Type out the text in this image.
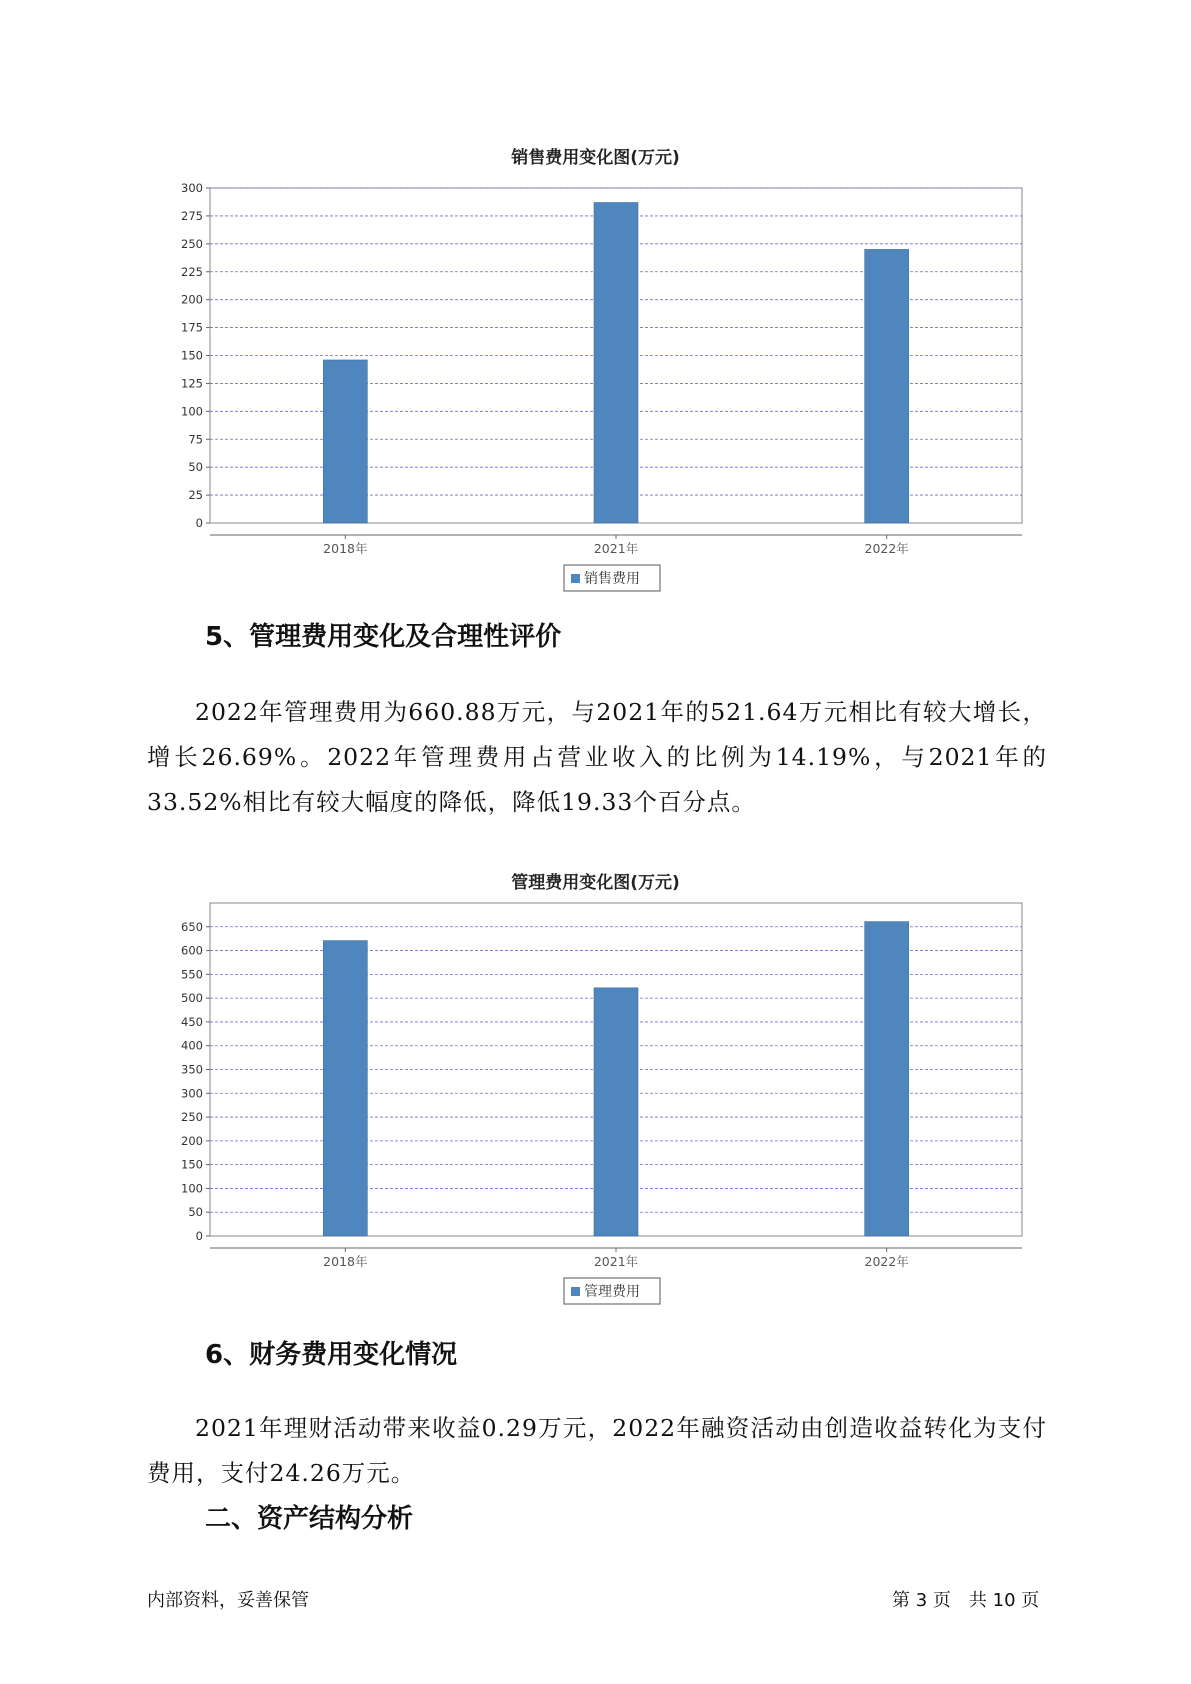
销售费用变化图(万元)
0
25
50
75
100
125
150
175
200
225
250
275
300
2018年	2021年	2022年
销售费用
5、管理费用变化及合理性评价

2022年管理费用为660.88万元，与2021年的521.64万元相比有较大增长，增长26.69%。2022年管理费用占营业收入的比例为14.19%，与2021年的33.52%相比有较大幅度的降低，降低19.33个百分点。

管理费用变化图(万元)
0
50
100
150
200
250
300
350
400
450
500
550
600
650
2018年	2021年	2022年
管理费用
6、财务费用变化情况

2021年理财活动带来收益0.29万元，2022年融资活动由创造收益转化为支付费用，支付24.26万元。

二、资产结构分析
内部资料，妥善保管	第 3 页　共 10 页
